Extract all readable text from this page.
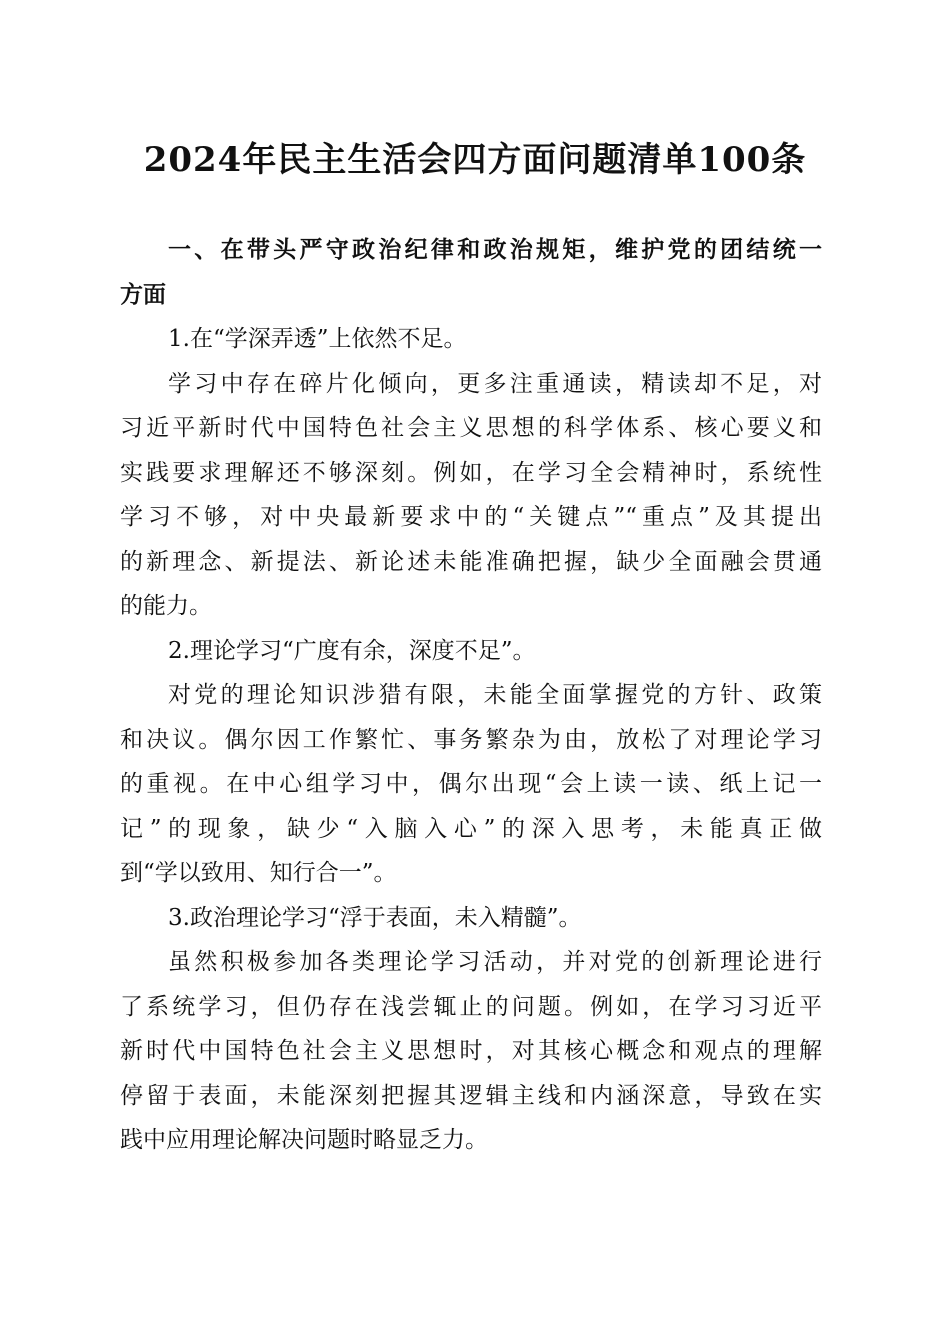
2024年民主生活会四方面问题清单100条
一、在带头严守政治纪律和政治规矩，维护党的团结统一
方面
1.在“学深弄透”上依然不足。
学习中存在碎片化倾向，更多注重通读，精读却不足，对
习近平新时代中国特色社会主义思想的科学体系、核心要义和
实践要求理解还不够深刻。例如，在学习全会精神时，系统性
学习不够，对中央最新要求中的“关键点”“重点”及其提出
的新理念、新提法、新论述未能准确把握，缺少全面融会贯通
的能力。
2.理论学习“广度有余，深度不足”。
对党的理论知识涉猎有限，未能全面掌握党的方针、政策
和决议。偶尔因工作繁忙、事务繁杂为由，放松了对理论学习
的重视。在中心组学习中，偶尔出现“会上读一读、纸上记一
记”的现象，缺少“入脑入心”的深入思考，未能真正做
到“学以致用、知行合一”。
3.政治理论学习“浮于表面，未入精髓”。
虽然积极参加各类理论学习活动，并对党的创新理论进行
了系统学习，但仍存在浅尝辄止的问题。例如，在学习习近平
新时代中国特色社会主义思想时，对其核心概念和观点的理解
停留于表面，未能深刻把握其逻辑主线和内涵深意，导致在实
践中应用理论解决问题时略显乏力。
